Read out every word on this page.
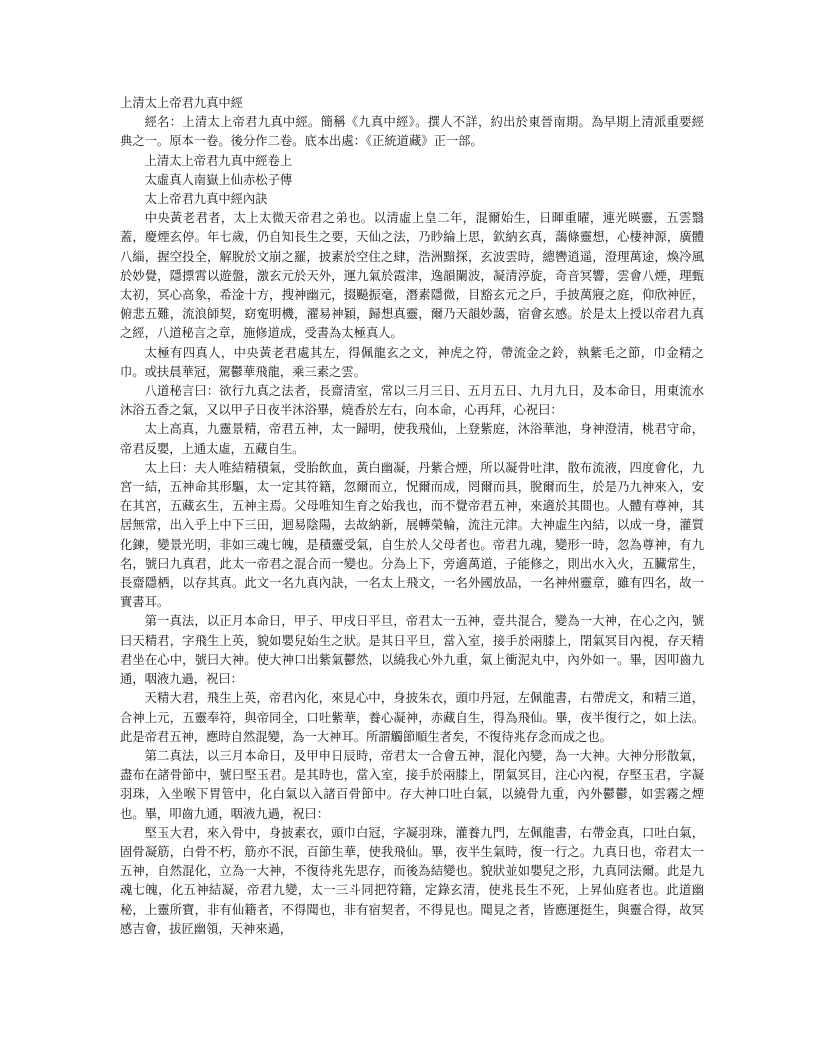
上清太上帝君九真中經

經名：上清太上帝君九真中經。簡稱《九真中經》。撰人不詳，約出於東晉南期。為早期上清派重要經典之一。原本一卷。後分作二卷。底本出處：《正統道藏》正一部。

上清太上帝君九真中經卷上

太虛真人南嶽上仙赤松子傳

太上帝君九真中經內訣

中央黃老君者，太上太微天帝君之弟也。以清虛上皇二年，混爾始生，日暉重曜，連光暎靈，五雲翳蓋，慶煙玄停。年七歲，仍自知長生之要，天仙之法，乃眇綸上思，欽納玄真，藹條靈想，心棲神源，廣體八緇，握空投全，解脫於文崩之羅，披素於空住之肆，浩洲黯探，玄波雲時，總轡逍遥，澄理萬途，煥冷風於妙覺，隱摽霄以遊盤，激玄元於天外，運九氣於霞津，逸韻闌波，凝清渟旋，奇音冥響，雲會八煙，理甄太初，冥心高象，希淦十方，搜神幽元，掇飈振毫，潛素隱微，目豁玄元之戶，手披萬寢之庭，仰欣神匠，俯悲五難，流浪師契，窈寃明機，濯易神穎，歸想真靈，爾乃天韻妙藹，宿會玄感。於是太上授以帝君九真之經，八道秘言之章，施修道成，受書為太極真人。

太極有四真人，中央黃老君處其左，得佩龍玄之文，神虎之符，帶流金之鈴，執紫毛之節，巾金精之巾。或扶晨華冠，駕鬱華飛龍，乘三素之雲。

八道秘言曰：欲行九真之法者，長齋清室，常以三月三日、五月五日、九月九日，及本命日，用東流水沐浴五香之氣，又以甲子日夜半沐浴畢，燒香於左右，向本命，心再拜，心祝曰：

太上高真，九靈景精，帝君五神，太一歸明，使我飛仙，上登紫庭，沐浴華池，身神澄清，桃君守命，帝君反嬰，上通太虛，五藏自生。

太上曰：夫人唯結精積氣，受胎飲血，黃白幽凝，丹紫合煙，所以凝骨吐津，散布流液，四度會化，九宮一結，五神命其形驅，太一定其符籍，忽爾而立，怳爾而成，罔爾而具，脫爾而生，於是乃九神來入，安在其宮，五藏玄生，五神主焉。父母唯知生育之始我也，而不覺帝君五神，來適於其間也。人體有尊神，其居無常，出入乎上中下三田，迴易陰陽，去故納新，展轉榮輪，流注元津。大神虛生內結，以成一身，灌質化鍊，變景光明，非如三魂七魄，是積靈受氣，自生於人父母者也。帝君九魂，變形一時，忽為尊神，有九名，號曰九真君，此太一帝君之混合而一變也。分為上下，旁適萬道，子能修之，則出水入火，五臟常生，長齋隱栖，以存其真。此文一名九真內訣，一名太上飛文，一名外國放品，一名神州靈章，雖有四名，故一實書耳。

第一真法，以正月本命日，甲子、甲戌日平旦，帝君太一五神，壹共混合，變為一大神，在心之內，號曰天精君，字飛生上英，貌如嬰兒始生之狀。是其日平旦，當入室，接手於兩膝上，閉氣冥目內視，存天精君坐在心中，號曰大神。使大神口出紫氣鬱然，以繞我心外九重，氣上衝泥丸中，內外如一。畢，因叩齒九通，咽液九過，祝曰：

天精大君，飛生上英，帝君內化，來見心中，身披朱衣，頭巾丹冠，左佩龍書，右帶虎文，和精三道，合神上元，五靈奉符，與帝同全，口吐紫華，養心凝神，赤藏自生，得為飛仙。畢，夜半復行之，如上法。此是帝君五神，應時自然混變，為一大神耳。所謂觸節順生者矣，不復待兆存念而成之也。

第二真法，以三月本命日，及甲申日辰時，帝君太一合會五神，混化內變，為一大神。大神分形散氣，盡布在諸骨節中，號曰堅玉君。是其時也，當入室，接手於兩膝上，閉氣冥目，注心內視，存堅玉君，字凝羽珠，入坐喉下胃管中，化白氣以入諸百骨節中。存大神口吐白氣，以繞骨九重，內外鬱鬱，如雲霧之煙也。畢，叩齒九通，咽液九過，祝曰：

堅玉大君，來入骨中，身披素衣，頭巾白冠，字凝羽珠，灌養九門，左佩龍書，右帶金真，口吐白氣，固骨凝筋，白骨不朽，筋亦不泯，百節生華，使我飛仙。畢，夜半生氣時，復一行之。九真日也，帝君太一五神，自然混化，立為一大神，不復待兆先思存，而後為結變也。貌狀並如嬰兒之形，九真同法爾。此是九魂七魄，化五神結凝，帝君九變，太一三斗同把符籍，定錄玄清，使兆長生不死，上昇仙庭者也。此道幽秘，上靈所寶，非有仙籍者，不得聞也，非有宿契者，不得見也。聞見之者，皆應運挺生，與靈合得，故冥感吉會，拔匠幽領，天神來過，
